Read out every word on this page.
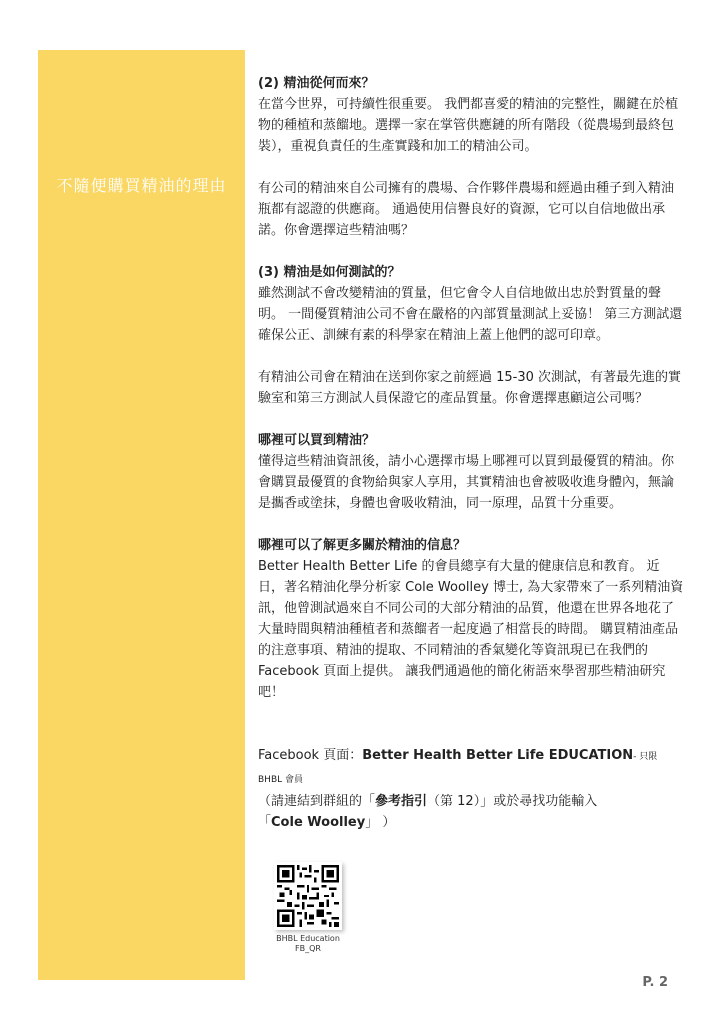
不隨便購買精油的理由

(2) 精油從何而來？

在當今世界，可持續性很重要。 我們都喜愛的精油的完整性，關鍵在於植物的種植和蒸餾地。選擇一家在掌管供應鏈的所有階段（從農場到最終包裝），重視負責任的生產實踐和加工的精油公司。

有公司的精油來自公司擁有的農場、合作夥伴農場和經過由種子到入精油瓶都有認證的供應商。 通過使用信譽良好的資源，它可以自信地做出承諾。你會選擇這些精油嗎？

(3) 精油是如何測試的？

雖然測試不會改變精油的質量，但它會令人自信地做出忠於對質量的聲明。 一間優質精油公司不會在嚴格的內部質量測試上妥協！ 第三方測試還確保公正、訓練有素的科學家在精油上蓋上他們的認可印章。

有精油公司會在精油在送到你家之前經過 15-30 次測試，有著最先進的實驗室和第三方測試人員保證它的產品質量。你會選擇惠顧這公司嗎？

哪裡可以買到精油？

懂得這些精油資訊後，請小心選擇市場上哪裡可以買到最優質的精油。你會購買最優質的食物給與家人享用，其實精油也會被吸收進身體內，無論是攜香或塗抹，身體也會吸收精油，同一原理，品質十分重要。

哪裡可以了解更多關於精油的信息？

Better Health Better Life 的會員總享有大量的健康信息和教育。 近日，著名精油化學分析家 Cole Woolley 博士, 為大家帶來了一系列精油資訊，他曾測試過來自不同公司的大部分精油的品質，他還在世界各地花了大量時間與精油種植者和蒸餾者一起度過了相當長的時間。 購買精油產品的注意事項、精油的提取、不同精油的香氣變化等資訊現已在我們的 Facebook 頁面上提供。 讓我們通過他的簡化術語來學習那些精油研究吧！

Facebook 頁面：Better Health Better Life EDUCATION- 只限 BHBL 會員

（請連結到群組的「參考指引（第 12）」或於尋找功能輸入

「Cole Woolley」 ）

BHBL Education
FB_QR
P. 2
